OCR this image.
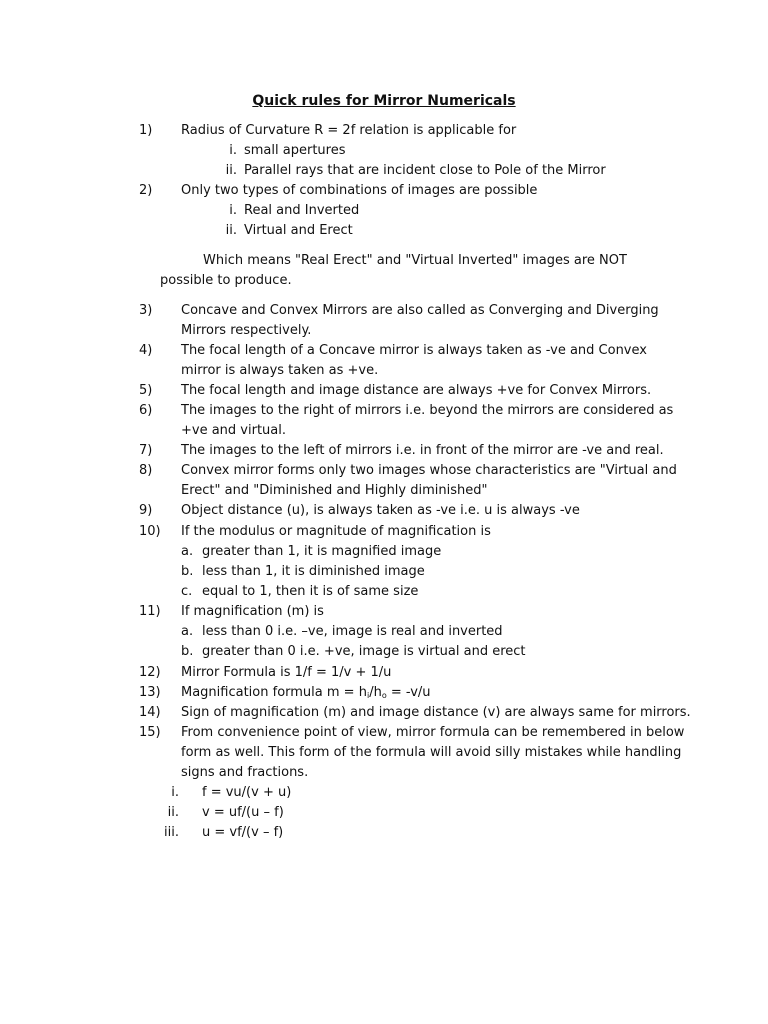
Quick rules for Mirror Numericals
1) Radius of Curvature R = 2f relation is applicable for
i. small apertures
ii. Parallel rays that are incident close to Pole of the Mirror
2) Only two types of combinations of images are possible
i. Real and Inverted
ii. Virtual and Erect
Which means "Real Erect" and "Virtual Inverted" images are NOT
possible to produce.
3) Concave and Convex Mirrors are also called as Converging and Diverging
Mirrors respectively.
4) The focal length of a Concave mirror is always taken as -ve and Convex
mirror is always taken as +ve.
5) The focal length and image distance are always +ve for Convex Mirrors.
6) The images to the right of mirrors i.e. beyond the mirrors are considered as
+ve and virtual.
7) The images to the left of mirrors i.e. in front of the mirror are -ve and real.
8) Convex mirror forms only two images whose characteristics are "Virtual and
Erect" and "Diminished and Highly diminished"
9) Object distance (u), is always taken as -ve i.e. u is always -ve
10) If the modulus or magnitude of magnification is
a. greater than 1, it is magnified image
b. less than 1, it is diminished image
c. equal to 1, then it is of same size
11) If magnification (m) is
a. less than 0 i.e. –ve, image is real and inverted
b. greater than 0 i.e. +ve, image is virtual and erect
12) Mirror Formula is 1/f = 1/v + 1/u
13) Magnification formula $m = h_i/h_o = -v/u$
14) Sign of magnification (m) and image distance (v) are always same for mirrors.
15) From convenience point of view, mirror formula can be remembered in below
form as well. This form of the formula will avoid silly mistakes while handling
signs and fractions.
i. f = vu/(v + u)
ii. v = uf/(u – f)
iii. u = vf/(v – f)
